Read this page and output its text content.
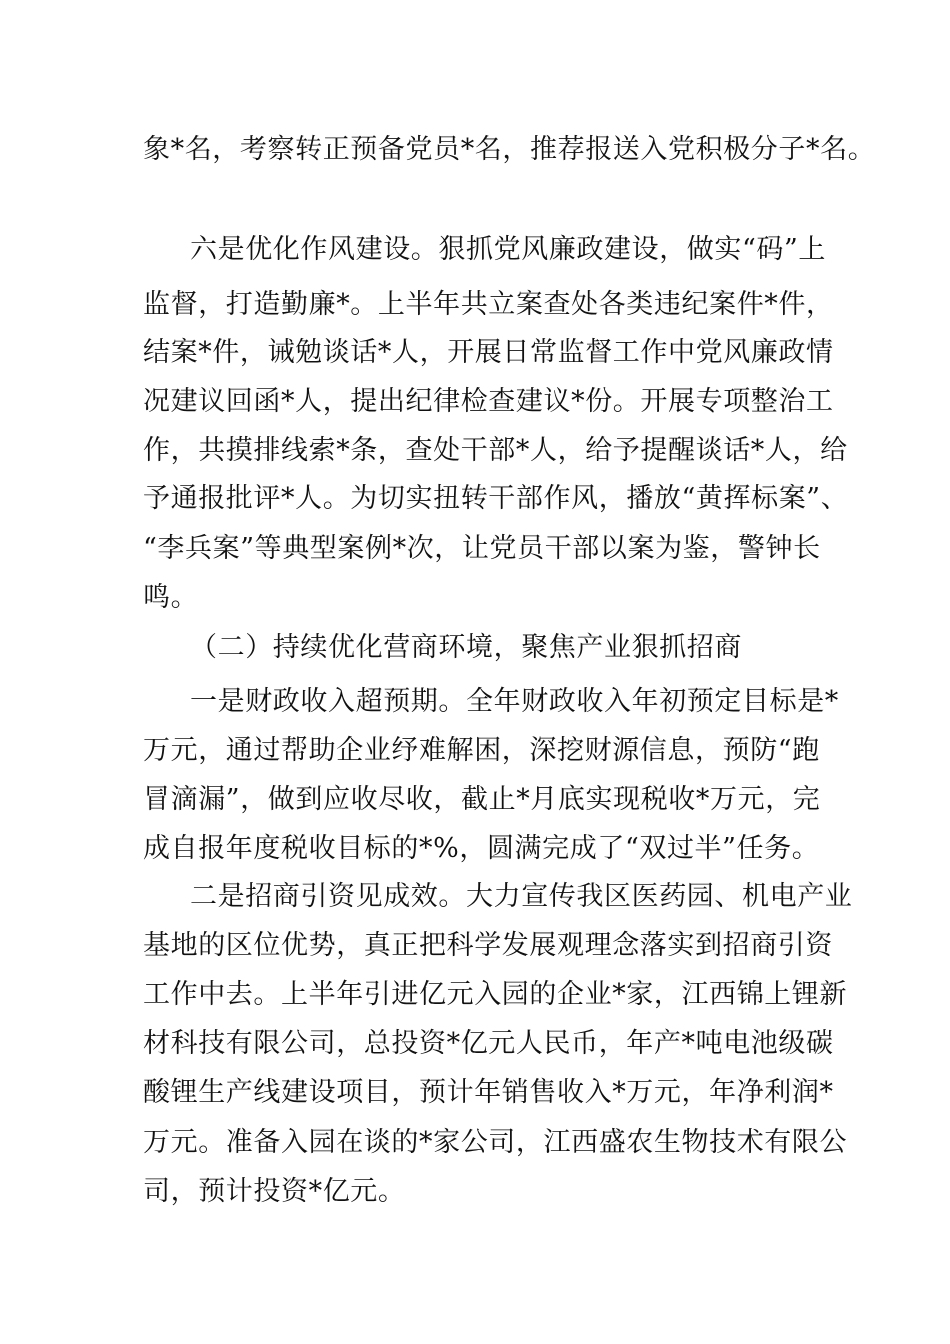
象*名，考察转正预备党员*名，推荐报送入党积极分子*名。
六是优化作风建设。狠抓党风廉政建设，做实“码”上
监督，打造勤廉*。上半年共立案查处各类违纪案件*件，
结案*件，诫勉谈话*人，开展日常监督工作中党风廉政情
况建议回函*人，提出纪律检查建议*份。开展专项整治工
作，共摸排线索*条，查处干部*人，给予提醒谈话*人，给
予通报批评*人。为切实扭转干部作风，播放“黄挥标案”、
“李兵案”等典型案例*次，让党员干部以案为鉴，警钟长
鸣。
（二）持续优化营商环境，聚焦产业狠抓招商
一是财政收入超预期。全年财政收入年初预定目标是*
万元，通过帮助企业纾难解困，深挖财源信息，预防“跑
冒滴漏”，做到应收尽收，截止*月底实现税收*万元，完
成自报年度税收目标的*%，圆满完成了“双过半”任务。
二是招商引资见成效。大力宣传我区医药园、机电产业
基地的区位优势，真正把科学发展观理念落实到招商引资
工作中去。上半年引进亿元入园的企业*家，江西锦上锂新
材科技有限公司，总投资*亿元人民币，年产*吨电池级碳
酸锂生产线建设项目，预计年销售收入*万元，年净利润*
万元。准备入园在谈的*家公司，江西盛农生物技术有限公
司，预计投资*亿元。
